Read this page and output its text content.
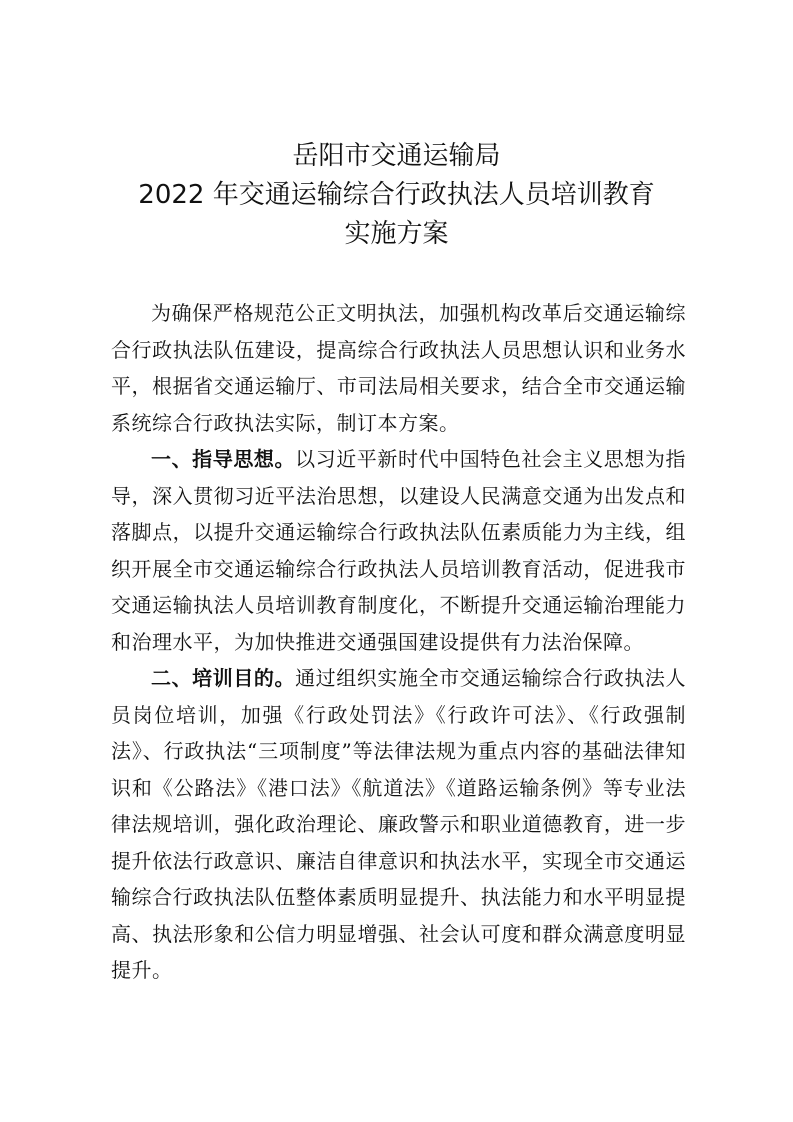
岳阳市交通运输局
2022 年交通运输综合行政执法人员培训教育
实施方案

为确保严格规范公正文明执法，加强机构改革后交通运输综合行政执法队伍建设，提高综合行政执法人员思想认识和业务水平，根据省交通运输厅、市司法局相关要求，结合全市交通运输系统综合行政执法实际，制订本方案。

一、指导思想。以习近平新时代中国特色社会主义思想为指导，深入贯彻习近平法治思想，以建设人民满意交通为出发点和落脚点，以提升交通运输综合行政执法队伍素质能力为主线，组织开展全市交通运输综合行政执法人员培训教育活动，促进我市交通运输执法人员培训教育制度化，不断提升交通运输治理能力和治理水平，为加快推进交通强国建设提供有力法治保障。

二、培训目的。通过组织实施全市交通运输综合行政执法人员岗位培训，加强《行政处罚法》《行政许可法》、《行政强制法》、行政执法“三项制度”等法律法规为重点内容的基础法律知识和《公路法》《港口法》《航道法》《道路运输条例》等专业法律法规培训，强化政治理论、廉政警示和职业道德教育，进一步提升依法行政意识、廉洁自律意识和执法水平，实现全市交通运输综合行政执法队伍整体素质明显提升、执法能力和水平明显提高、执法形象和公信力明显增强、社会认可度和群众满意度明显提升。
